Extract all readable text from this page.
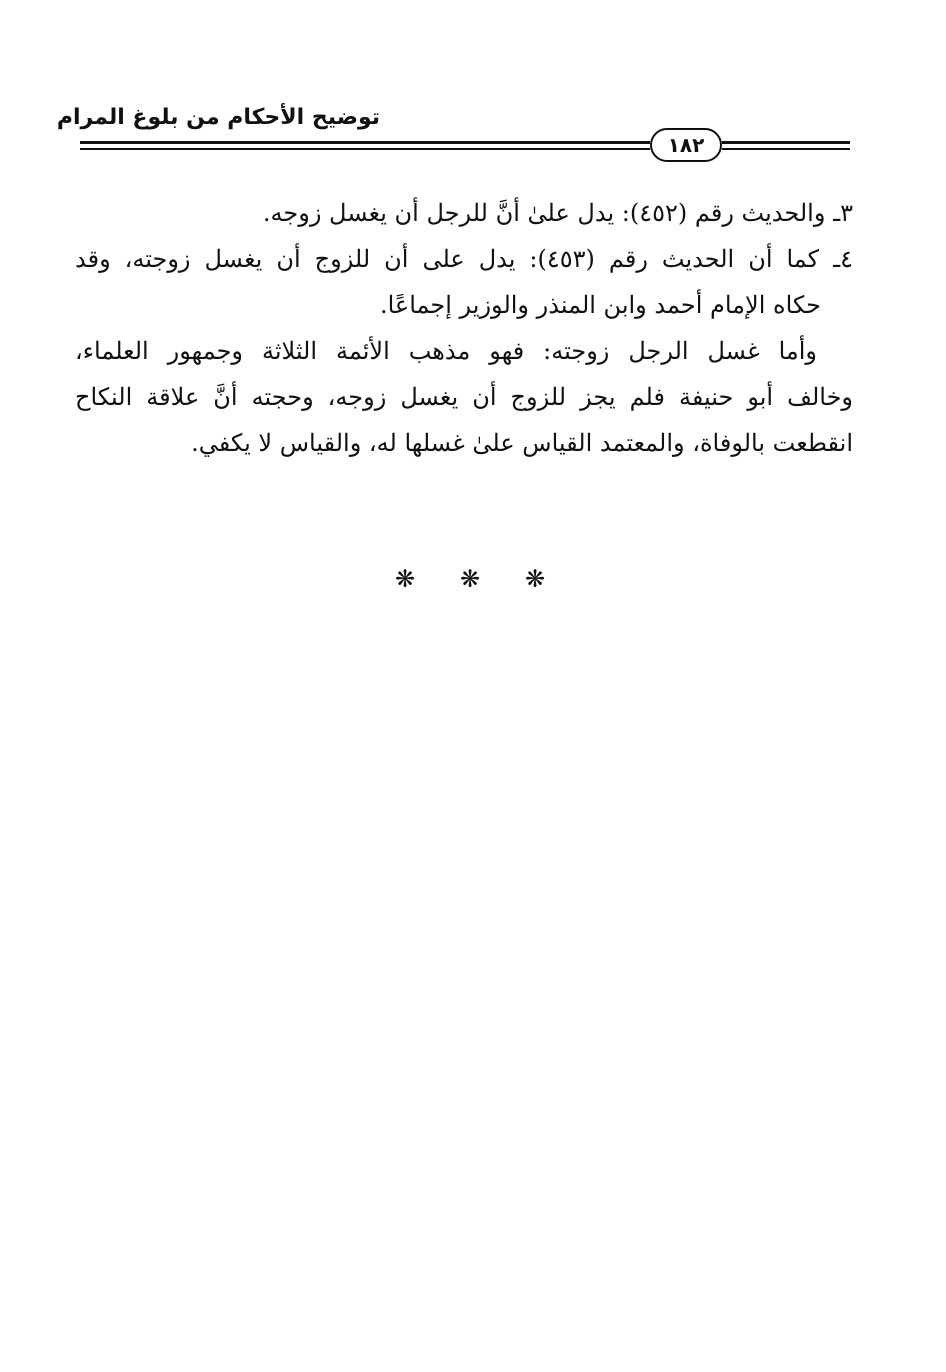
توضيح الأحكام من بلوغ المرام
١٨٢
٣ـ والحديث رقم (٤٥٢): يدل علىٰ أنَّ للرجل أن يغسل زوجه.
٤ـ كما أن الحديث رقم (٤٥٣): يدل على أن للزوج أن يغسل زوجته، وقد
حكاه الإمام أحمد وابن المنذر والوزير إجماعًا.
وأما غسل الرجل زوجته: فهو مذهب الأئمة الثلاثة وجمهور العلماء،
وخالف أبو حنيفة فلم يجز للزوج أن يغسل زوجه، وحجته أنَّ علاقة النكاح
انقطعت بالوفاة، والمعتمد القياس علىٰ غسلها له، والقياس لا يكفي.
❋ ❋ ❋
